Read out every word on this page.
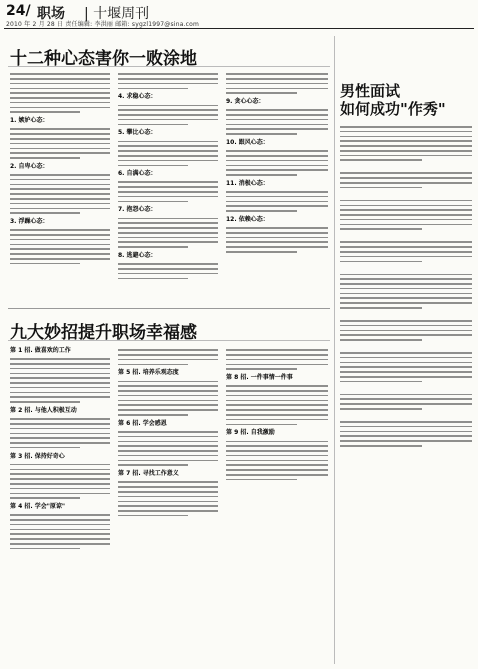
24/ 职场 | 十堰周刊
2010 年 2 月 28 日 责任编辑: 李洪丽 邮箱: sygzl1997@sina.com
十二种心态害你一败涂地
1. 嫉妒心态：
2. 自卑心态：
3. 浮躁心态：
4. 求稳心态：
5. 攀比心态：
6. 自满心态：
7. 抱怨心态：
8. 逃避心态：
9. 贪心心态：
10. 跟风心态：
11. 消极心态：
12. 依赖心态：
九大妙招提升职场幸福感
第 1 招. 做喜欢的工作
第 2 招. 与他人积极互动
第 3 招. 保持好奇心
第 4 招. 学会"原谅"
第 5 招. 培养乐观态度
第 6 招. 学会感恩
第 7 招. 寻找工作意义
第 8 招. 一件事情一件事
第 9 招. 自我激励
男性面试
如何成功"作秀"
